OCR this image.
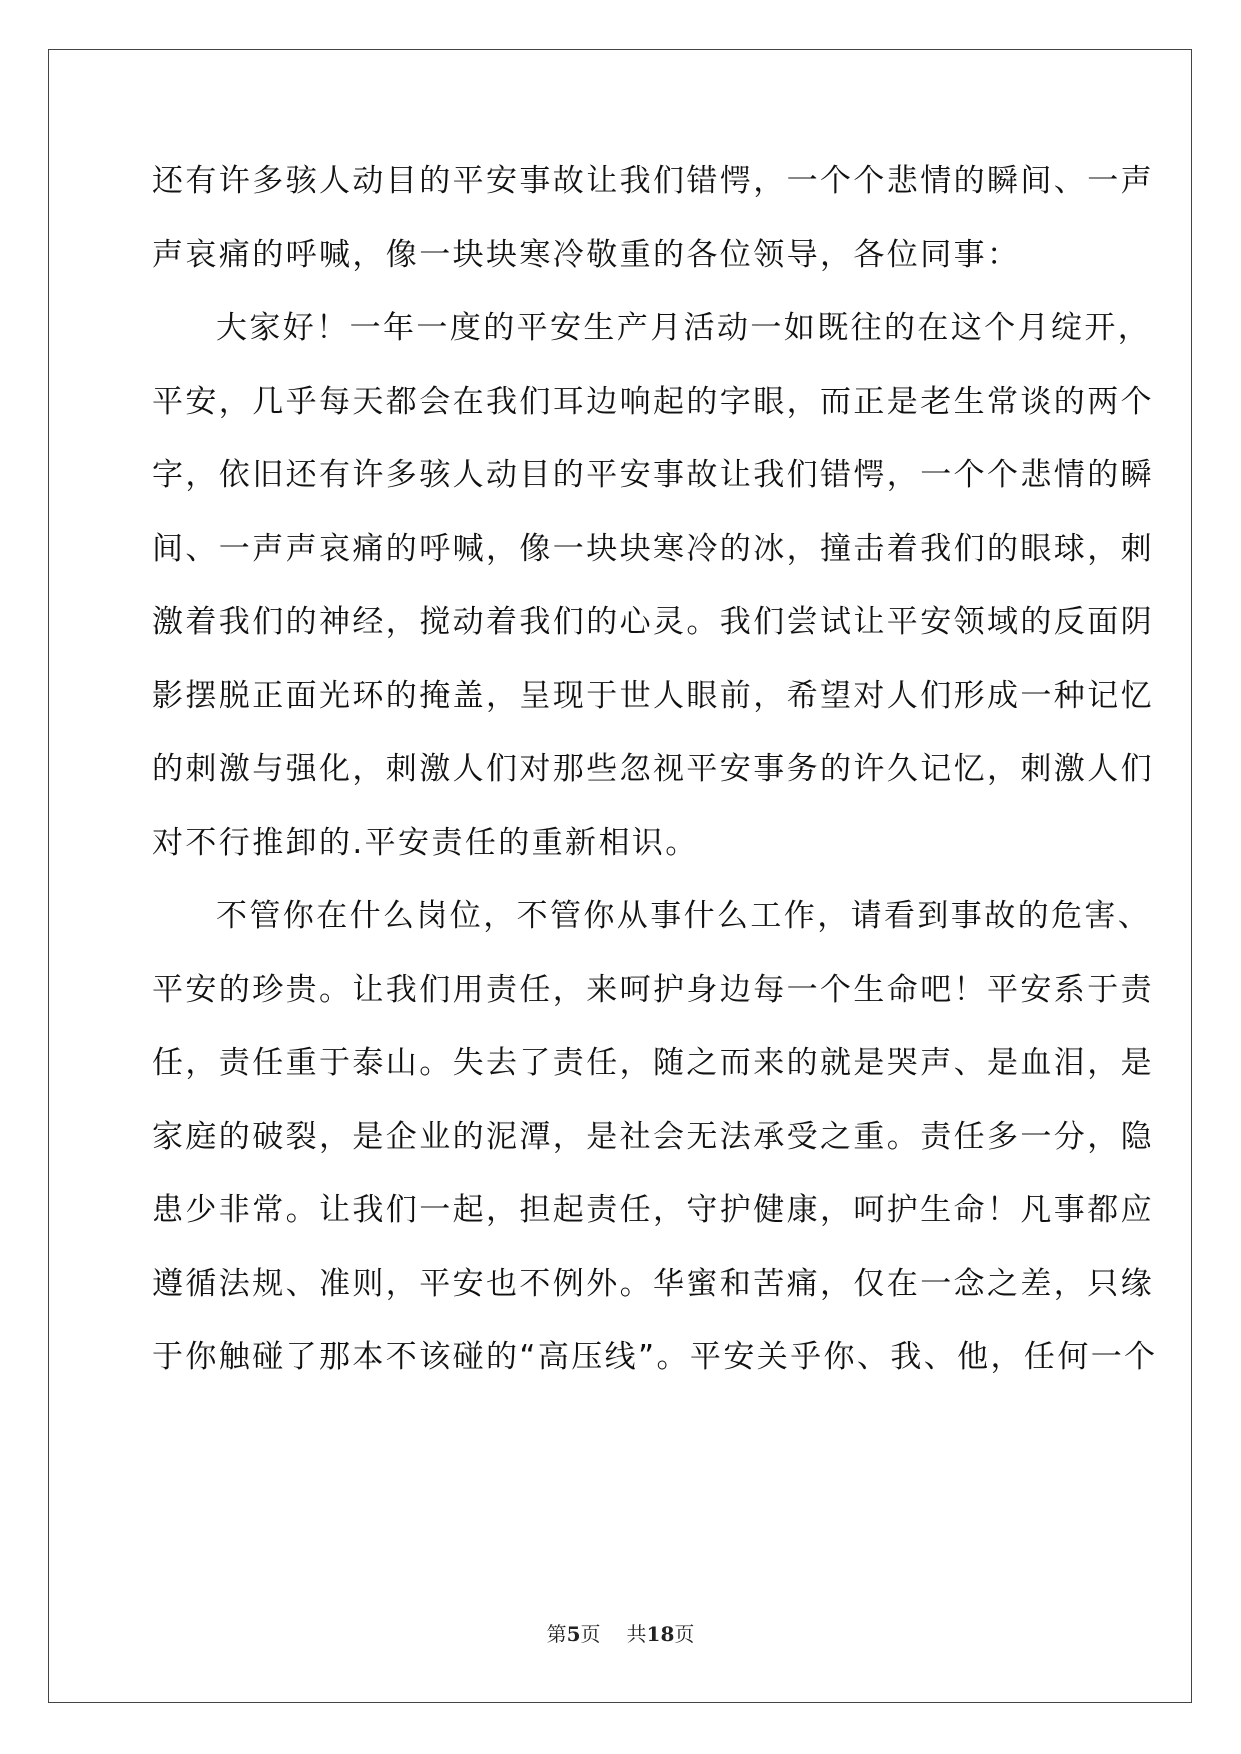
还有许多骇人动目的平安事故让我们错愕，一个个悲情的瞬间、一声
声哀痛的呼喊，像一块块寒冷敬重的各位领导，各位同事：
大家好！一年一度的平安生产月活动一如既往的在这个月绽开，
平安，几乎每天都会在我们耳边响起的字眼，而正是老生常谈的两个
字，依旧还有许多骇人动目的平安事故让我们错愕，一个个悲情的瞬
间、一声声哀痛的呼喊，像一块块寒冷的冰，撞击着我们的眼球，刺
激着我们的神经，搅动着我们的心灵。我们尝试让平安领域的反面阴
影摆脱正面光环的掩盖，呈现于世人眼前，希望对人们形成一种记忆
的刺激与强化，刺激人们对那些忽视平安事务的许久记忆，刺激人们
对不行推卸的.平安责任的重新相识。
不管你在什么岗位，不管你从事什么工作，请看到事故的危害、
平安的珍贵。让我们用责任，来呵护身边每一个生命吧！平安系于责
任，责任重于泰山。失去了责任，随之而来的就是哭声、是血泪，是
家庭的破裂，是企业的泥潭，是社会无法承受之重。责任多一分，隐
患少非常。让我们一起，担起责任，守护健康，呵护生命！凡事都应
遵循法规、准则，平安也不例外。华蜜和苦痛，仅在一念之差，只缘
于你触碰了那本不该碰的“高压线”。平安关乎你、我、他，任何一个
第5页 共18页
